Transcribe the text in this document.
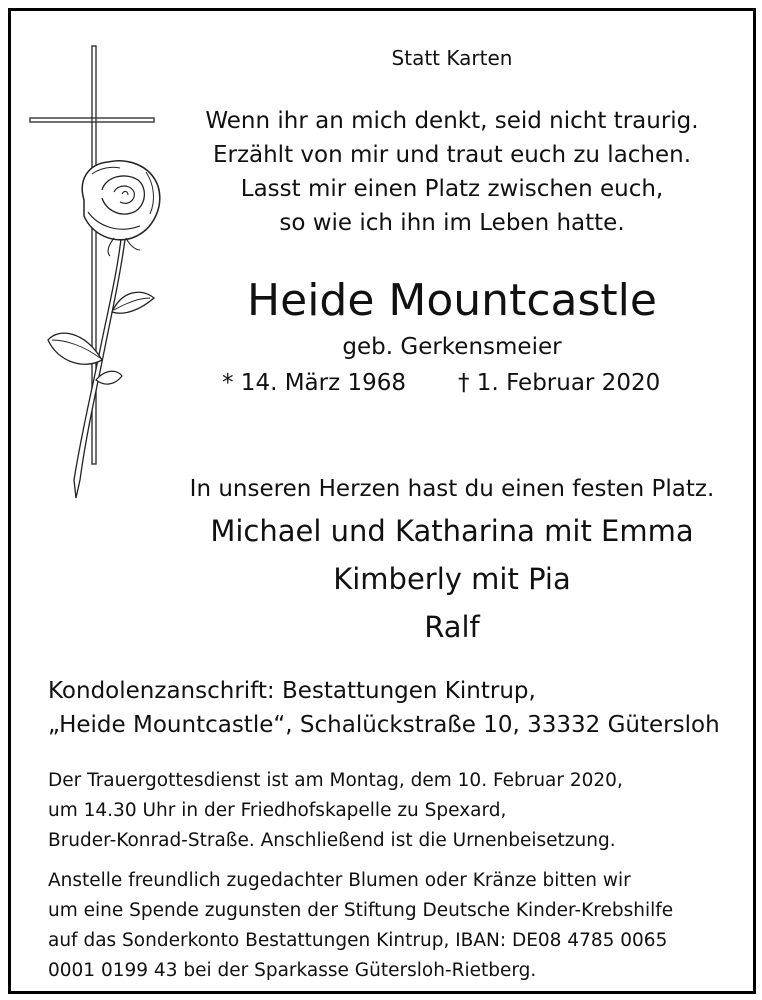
Statt Karten

Wenn ihr an mich denkt, seid nicht traurig.

Erzählt von mir und traut euch zu lachen.

Lasst mir einen Platz zwischen euch,

so wie ich ihn im Leben hatte.

Heide Mountcastle

geb. Gerkensmeier

* 14. März 1968 † 1. Februar 2020

In unseren Herzen hast du einen festen Platz.

Michael und Katharina mit Emma

Kimberly mit Pia

Ralf

Kondolenzanschrift: Bestattungen Kintrup,

„Heide Mountcastle“, Schalückstraße 10, 33332 Gütersloh

Der Trauergottesdienst ist am Montag, dem 10. Februar 2020,

um 14.30 Uhr in der Friedhofskapelle zu Spexard,

Bruder-Konrad-Straße. Anschließend ist die Urnenbeisetzung.

Anstelle freundlich zugedachter Blumen oder Kränze bitten wir

um eine Spende zugunsten der Stiftung Deutsche Kinder-Krebshilfe

auf das Sonderkonto Bestattungen Kintrup, IBAN: DE08 4785 0065

0001 0199 43 bei der Sparkasse Gütersloh-Rietberg.
